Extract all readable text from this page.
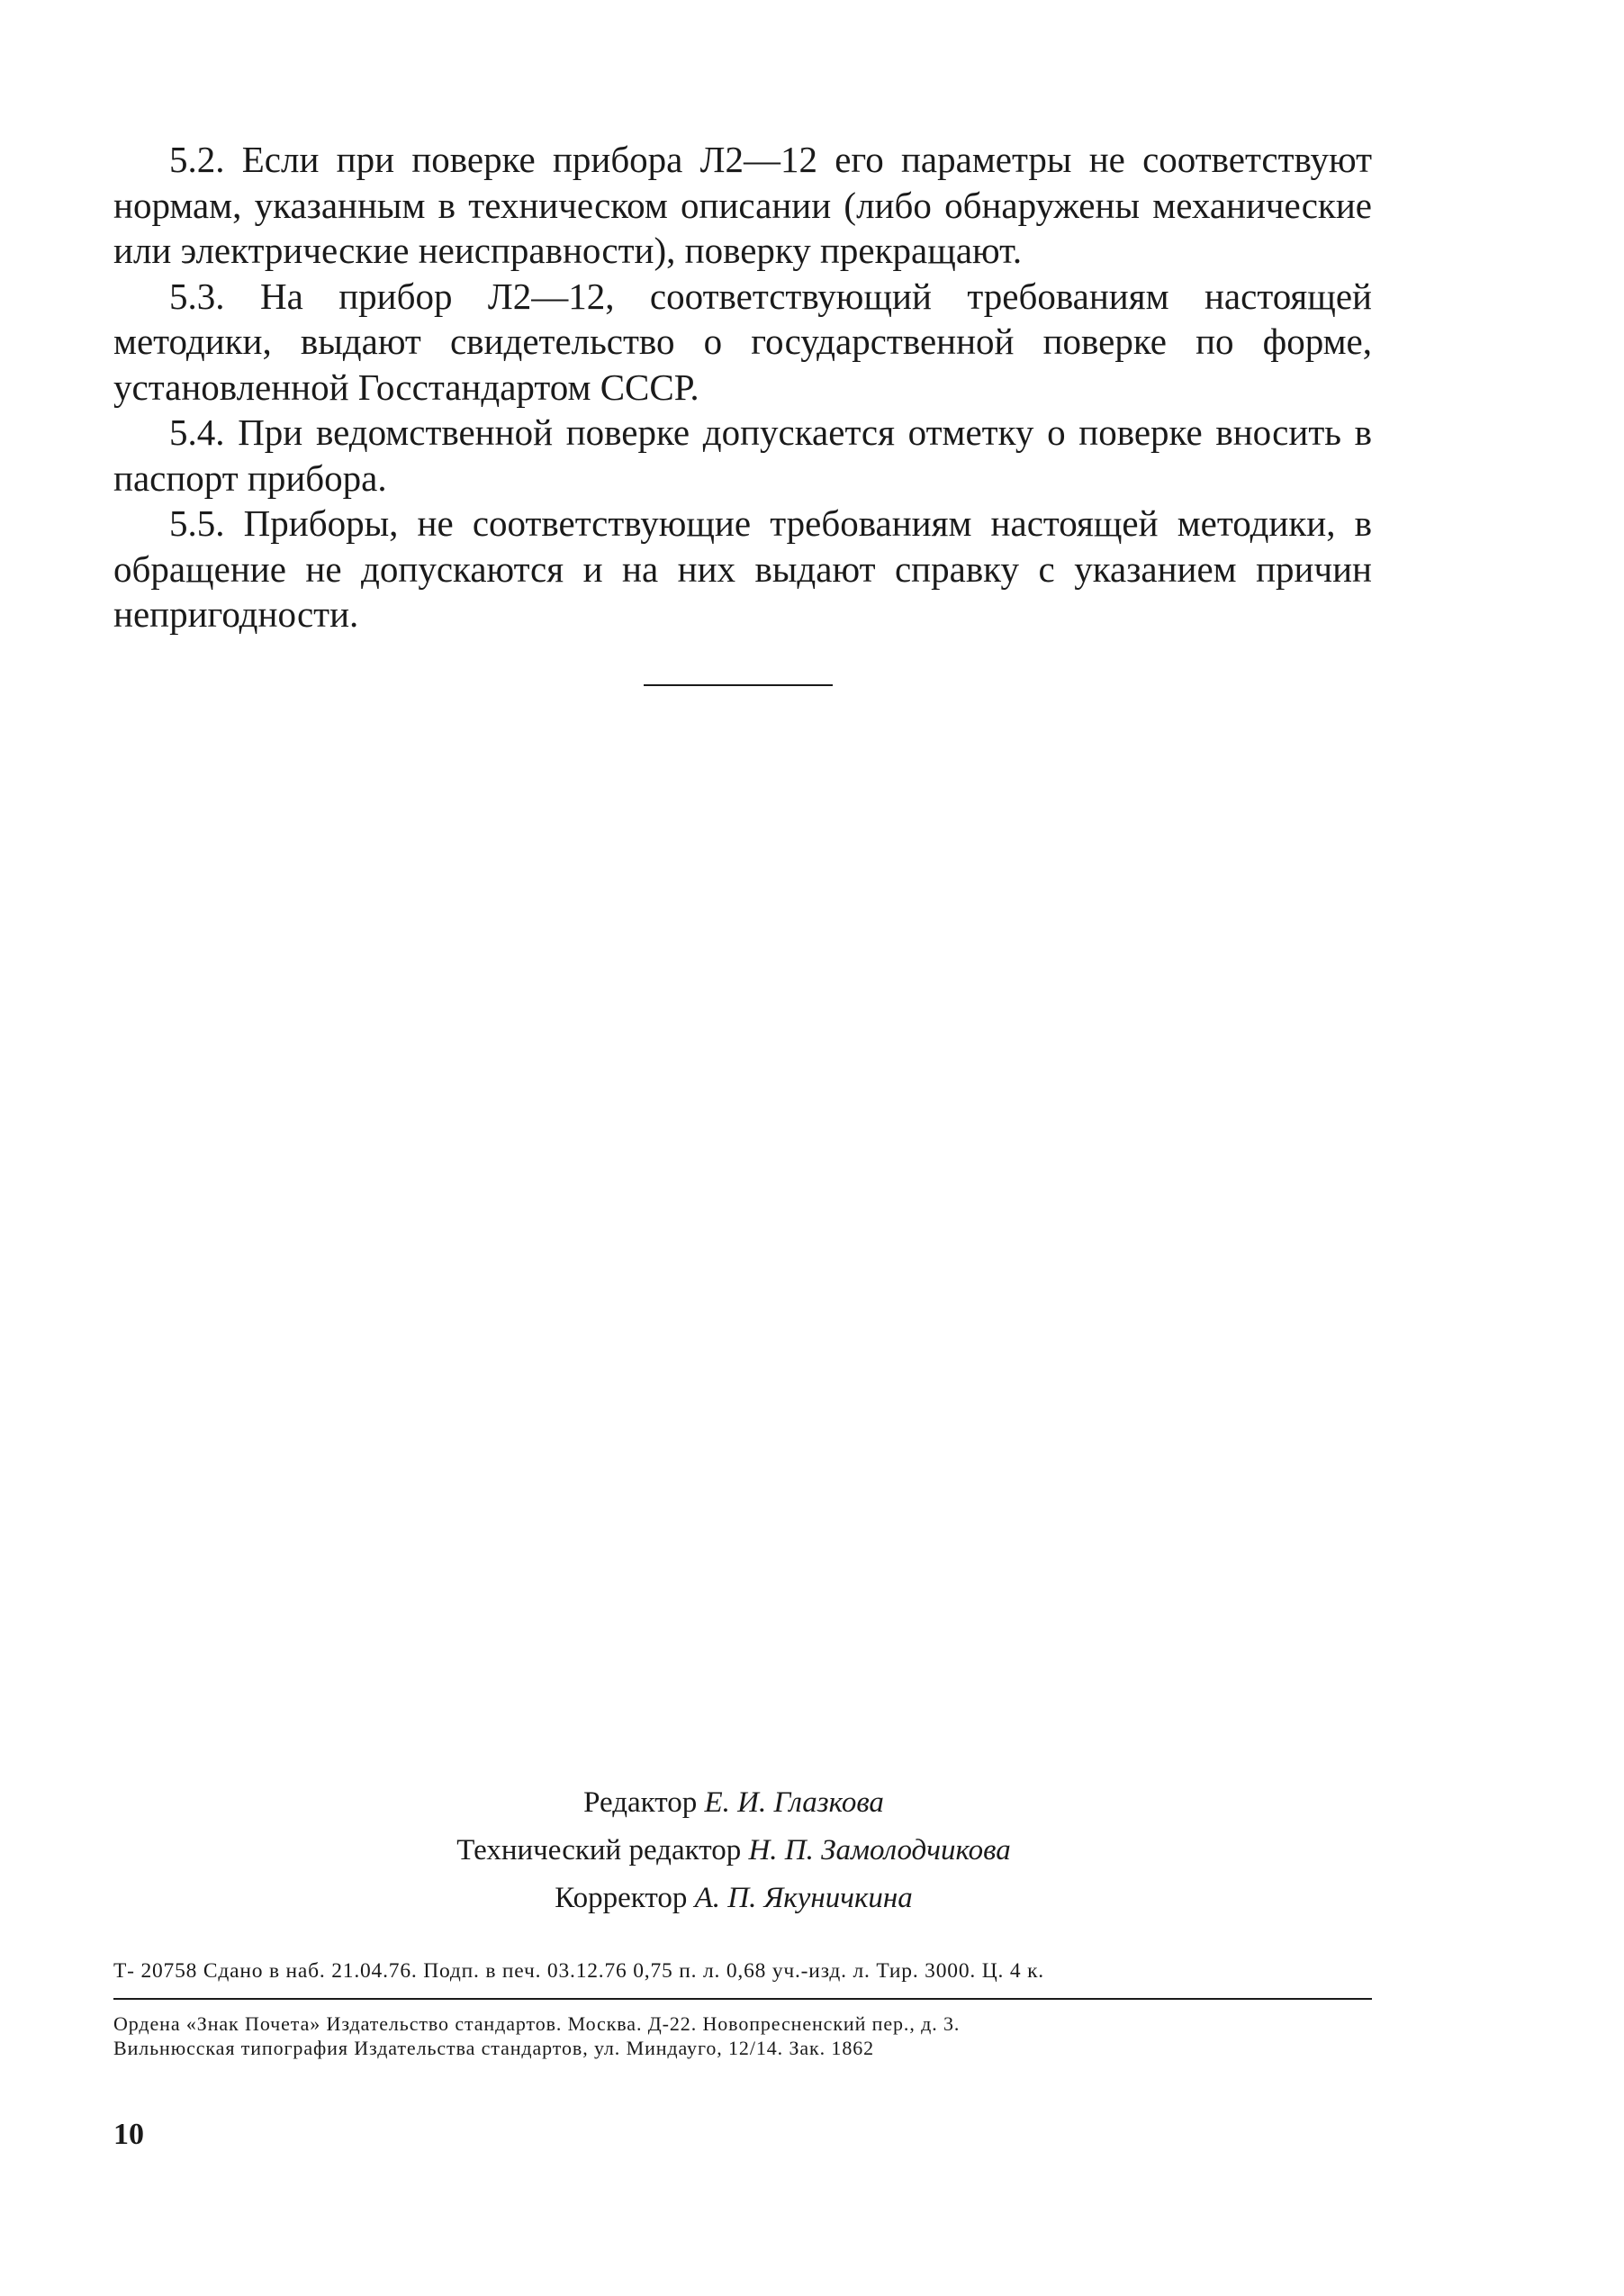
5.2. Если при поверке прибора Л2—12 его параметры не соответствуют нормам, указанным в техническом описании (либо обнаружены механические или электрические неисправности), поверку прекращают.

5.3. На прибор Л2—12, соответствующий требованиям настоящей методики, выдают свидетельство о государственной поверке по форме, установленной Госстандартом СССР.

5.4. При ведомственной поверке допускается отметку о поверке вносить в паспорт прибора.

5.5. Приборы, не соответствующие требованиям настоящей методики, в обращение не допускаются и на них выдают справку с указанием причин непригодности.

Редактор Е. И. Глазкова
Технический редактор Н. П. Замолодчикова
Корректор А. П. Якуничкина
Т- 20758 Сдано в наб. 21.04.76. Подп. в печ. 03.12.76 0,75 п. л. 0,68 уч.-изд. л. Тир. 3000. Ц. 4 к.
Ордена «Знак Почета» Издательство стандартов. Москва. Д-22. Новопресненский пер., д. 3.
Вильнюсская типография Издательства стандартов, ул. Миндауго, 12/14. Зак. 1862
10
